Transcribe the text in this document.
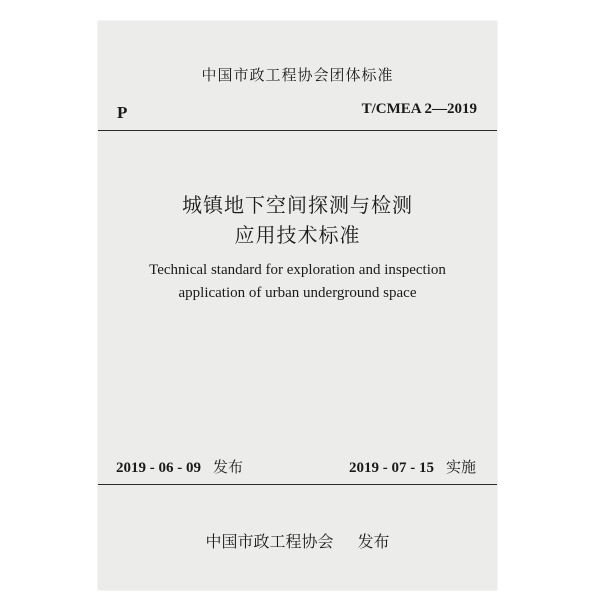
中国市政工程协会团体标准
P	T/CMEA 2—2019
城镇地下空间探测与检测
应用技术标准
Technical standard for exploration and inspection
application of urban underground space
2019 - 06 - 09 发布	2019 - 07 - 15 实施
中国市政工程协会 发布
